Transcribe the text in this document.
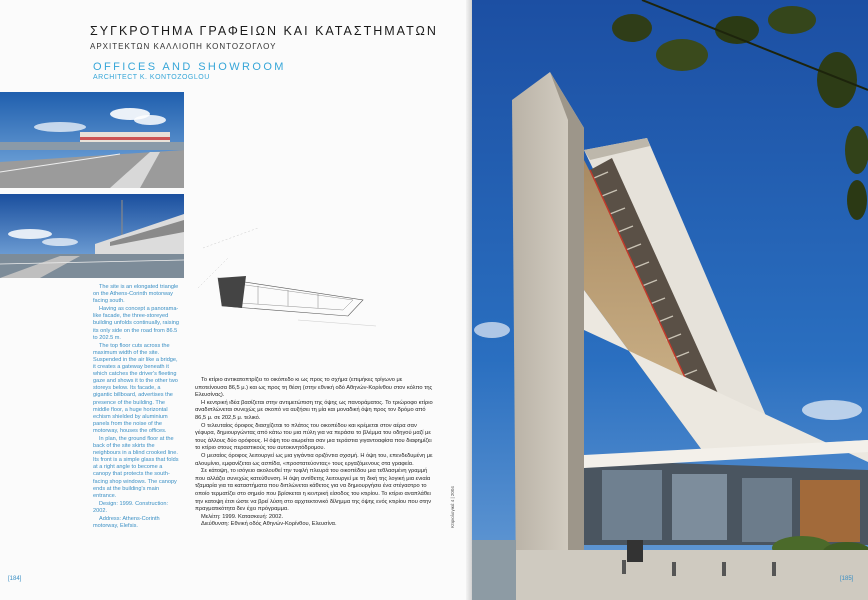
ΣΥΓΚΡΟΤΗΜΑ ΓΡΑΦΕΙΩΝ ΚΑΙ ΚΑΤΑΣΤΗΜΑΤΩΝ
ΑΡΧΙΤΕΚΤΩΝ ΚΑΛΛΙΟΠΗ ΚΟΝΤΟΖΟΓΛΟΥ
OFFICES AND SHOWROOM
ARCHITECT K. KONTOZOGLOU

The site is an elongated triangle on the Athens-Corinth motorway facing south.

Having as concept a panorama-like facade, the three-storeyed building unfolds continually, raising its only side on the road from 86.5 to 202.5 m.

The top floor cuts across the maximum width of the site. Suspended in the air like a bridge, it creates a gateway beneath it which catches the driver's fleeting gaze and shows it to the other two storeys below. Its facade, a gigantic billboard, advertises the presence of the building. The middle floor, a huge horizontal echism shielded by aluminium panels from the noise of the motorway, houses the offices.

In plan, the ground floor at the back of the site skirts the neighbours in a blind crooked line. Its front is a simple glass that folds at a right angle to become a canopy that protects the south-facing shop windows. The canopy ends at the building's main entrance.

Design: 1999. Construction: 2002.

Address: Athens-Corinth motorway, Elefsis.

Το κτίριο αντικατοπτρίζει το οικόπεδο κι ως προς το σχήμα (επιμήκες τρίγωνο με υποτείνουσα 86,5 μ.) και ως προς τη θέση (στην εθνική οδό Αθηνών-Κορίνθου στον κόλπο της Ελευσίνας).

Η κεντρική ιδέα βασίζεται στην αντιμετώπιση της όψης ως πανοράματος. Το τριώροφο κτίριο αναδιπλώνεται συνεχώς με σκοπό να αυξήσει τη μία και μοναδική όψη προς τον δρόμο από 86,5 μ. σε 202,5 μ. τελικό.

Ο τελευταίος όροφος διασχίζεται το πλάτος του οικοπέδου και κρέμεται στον αέρα σαν γέφυρα, δημιουργώντας από κάτω του μια πύλη για να περάσει το βλέμμα του οδηγού μαζί με τους άλλους δύο ορόφους. Η όψη του αιωρείται σαν μια τεράστια γιγαντοαφίσα που διαφημίζει το κτίριο στους περαστικούς του αυτοκινητόδρομου.

Ο μεσαίος όροφος λειτουργεί ως μια γιγάντια οριζόντια σχισμή. Η όψη του, επενδεδυμένη με αλουμίνιο, εμφανίζεται ως ασπίδα, «προστατεύοντας» τους εργαζόμενους στα γραφεία.

Σε κάτοψη, το ισόγειο ακολουθεί την τυφλή πλευρά του οικοπέδου μια τεθλασμένη γραμμή που αλλάζει συνεχώς κατεύθυνση. Η όψη αντίθετης λειτουργεί με τη δική της λογική μια ενιαία τζαμαρία για τα καταστήματα που διπλώνεται κάθετος για να δημιουργήσει ένα στέγαστρο το οποίο τερματίζει στο σημείο που βρίσκεται η κεντρική είσοδος του κτιρίου. Το κτίριο αναπλάθει την κατοψη έτσι ώστε να βρεί λύση στο αρχιτεκτονικό δίλημμα της όψης ενός κτιρίου που στην πραγματικότητα δεν έχει πρόγραμμα.

Μελέτη: 1999. Κατασκευή: 2002.

Διεύθυνση: Εθνική οδός Αθηνών-Κορίνθου, Ελευσίνα.

[184]
Κτιριολογικά 4 | 2004
[185]
